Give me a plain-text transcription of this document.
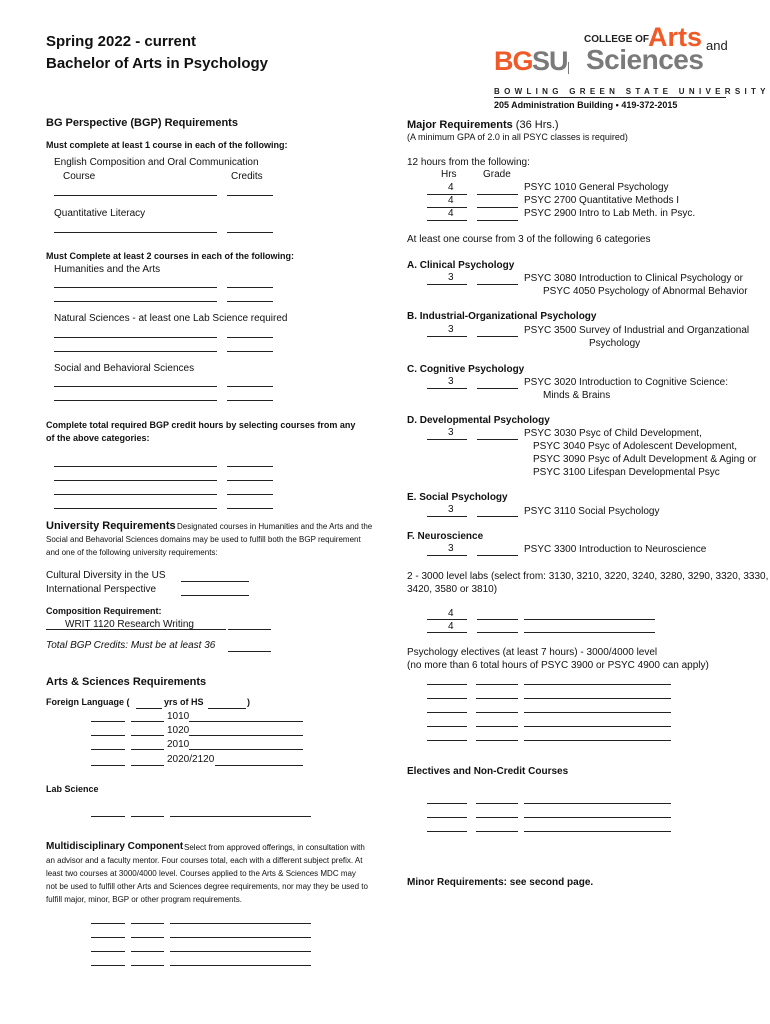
Spring 2022 - current
Bachelor of Arts in Psychology	BG SU
COLLEGE OF Arts and
Sciences
BOWLING GREEN STATE UNIVERSITY
205 Administration Building • 419-372-2015
BG Perspective (BGP) Requirements
Must complete at least 1 course in each of the following:
English Composition and Oral Communication
Course	Credits
Quantitative Literacy
Must Complete at least 2 courses in each of the following:
Humanities and the Arts
Natural Sciences - at least one Lab Science required
Social and Behavioral Sciences
Complete total required BGP credit hours by selecting courses from any
of the above categories:
University Requirements Designated courses in Humanities and the Arts and the
Social and Behavorial Sciences domains may be used to fulfill both the BGP requirement
and one of the following university requirements:
Cultural Diversity in the US
International Perspective
Composition Requirement:
WRIT 1120 Research Writing
Total BGP Credits: Must be at least 36
Arts & Sciences Requirements
Foreign Language (	yrs of HS	)
1010
1020
2010
2020/2120
Lab Science
Multidisciplinary Component Select from approved offerings, in consultation with
an advisor and a faculty mentor. Four courses total, each with a different subject prefix. At
least two courses at 3000/4000 level. Courses applied to the Arts & Sciences MDC may
not be used to fulfill other Arts and Sciences degree requirements, nor may they be used to
fulfill major, minor, BGP or other program requirements.
Major Requirements (36 Hrs.)
(A minimum GPA of 2.0 in all PSYC classes is required)
12 hours from the following:
Hrs	Grade
4	PSYC 1010 General Psychology
4	PSYC 2700 Quantitative Methods I
4	PSYC 2900 Intro to Lab Meth. in Psyc.
At least one course from 3 of the following 6 categories
A. Clinical Psychology
3	PSYC 3080 Introduction to Clinical Psychology or
PSYC 4050 Psychology of Abnormal Behavior
B. Industrial-Organizational Psychology
3	PSYC 3500 Survey of Industrial and Organzational
Psychology
C. Cognitive Psychology
3	PSYC 3020 Introduction to Cognitive Science:
Minds & Brains
D. Developmental Psychology
3	PSYC 3030 Psyc of Child Development,
PSYC 3040 Psyc of Adolescent Development,
PSYC 3090 Psyc of Adult Development & Aging or
PSYC 3100 Lifespan Developmental Psyc
E. Social Psychology
3	PSYC 3110 Social Psychology
F. Neuroscience
3	PSYC 3300 Introduction to Neuroscience
2 - 3000 level labs (select from: 3130, 3210, 3220, 3240, 3280, 3290, 3320, 3330,
3420, 3580 or 3810)
4
4
Psychology electives (at least 7 hours) - 3000/4000 level
(no more than 6 total hours of PSYC 3900 or PSYC 4900 can apply)
Electives and Non-Credit Courses
Minor Requirements: see second page.
